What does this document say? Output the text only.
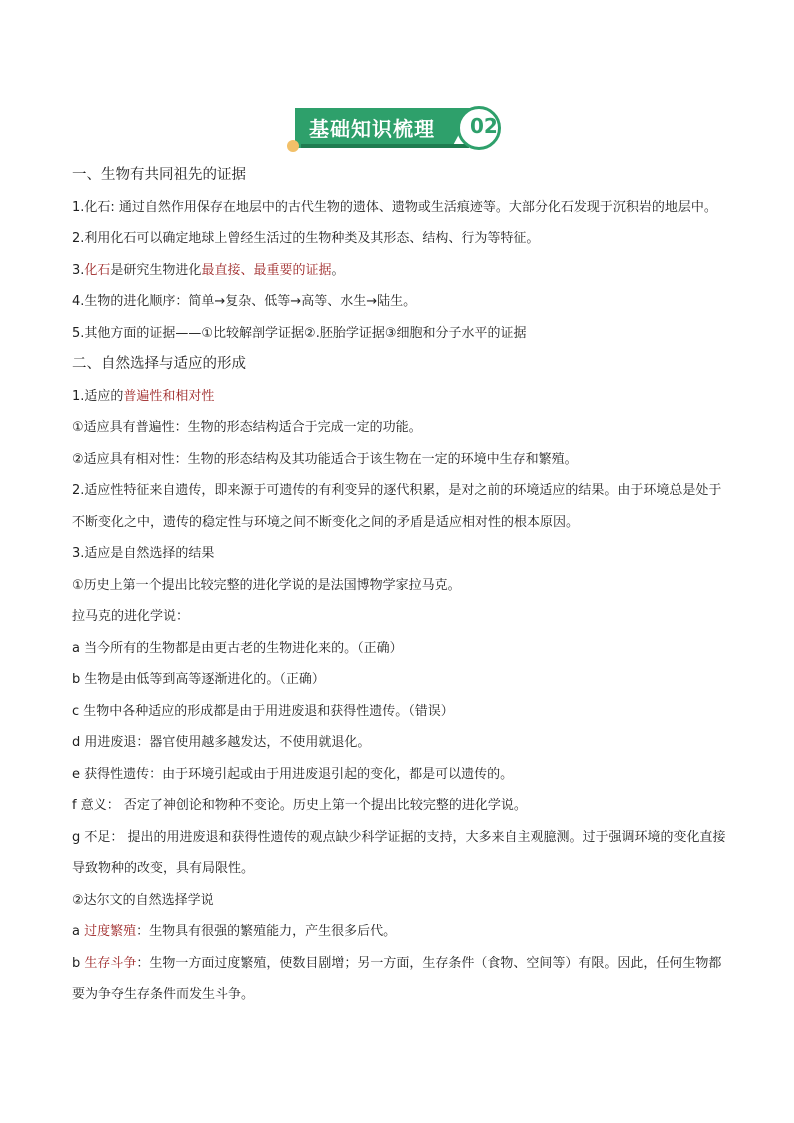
基础知识梳理 02
一、生物有共同祖先的证据
1.化石: 通过自然作用保存在地层中的古代生物的遗体、遗物或生活痕迹等。大部分化石发现于沉积岩的地层中。
2.利用化石可以确定地球上曾经生活过的生物种类及其形态、结构、行为等特征。
3.化石是研究生物进化最直接、最重要的证据。
4.生物的进化顺序：简单→复杂、低等→高等、水生→陆生。
5.其他方面的证据——①比较解剖学证据②.胚胎学证据③细胞和分子水平的证据
二、自然选择与适应的形成
1.适应的普遍性和相对性
①适应具有普遍性：生物的形态结构适合于完成一定的功能。
②适应具有相对性：生物的形态结构及其功能适合于该生物在一定的环境中生存和繁殖。
2.适应性特征来自遗传，即来源于可遗传的有利变异的逐代积累，是对之前的环境适应的结果。由于环境总是处于不断变化之中，遗传的稳定性与环境之间不断变化之间的矛盾是适应相对性的根本原因。
3.适应是自然选择的结果
①历史上第一个提出比较完整的进化学说的是法国博物学家拉马克。
拉马克的进化学说：
a 当今所有的生物都是由更古老的生物进化来的。（正确）
b 生物是由低等到高等逐渐进化的。（正确）
c 生物中各种适应的形成都是由于用进废退和获得性遗传。（错误）
d 用进废退：器官使用越多越发达，不使用就退化。
e 获得性遗传：由于环境引起或由于用进废退引起的变化，都是可以遗传的。
f 意义： 否定了神创论和物种不变论。历史上第一个提出比较完整的进化学说。
g 不足： 提出的用进废退和获得性遗传的观点缺少科学证据的支持，大多来自主观臆测。过于强调环境的变化直接导致物种的改变，具有局限性。
②达尔文的自然选择学说
a 过度繁殖：生物具有很强的繁殖能力，产生很多后代。
b 生存斗争：生物一方面过度繁殖，使数目剧增；另一方面，生存条件（食物、空间等）有限。因此，任何生物都要为争夺生存条件而发生斗争。
